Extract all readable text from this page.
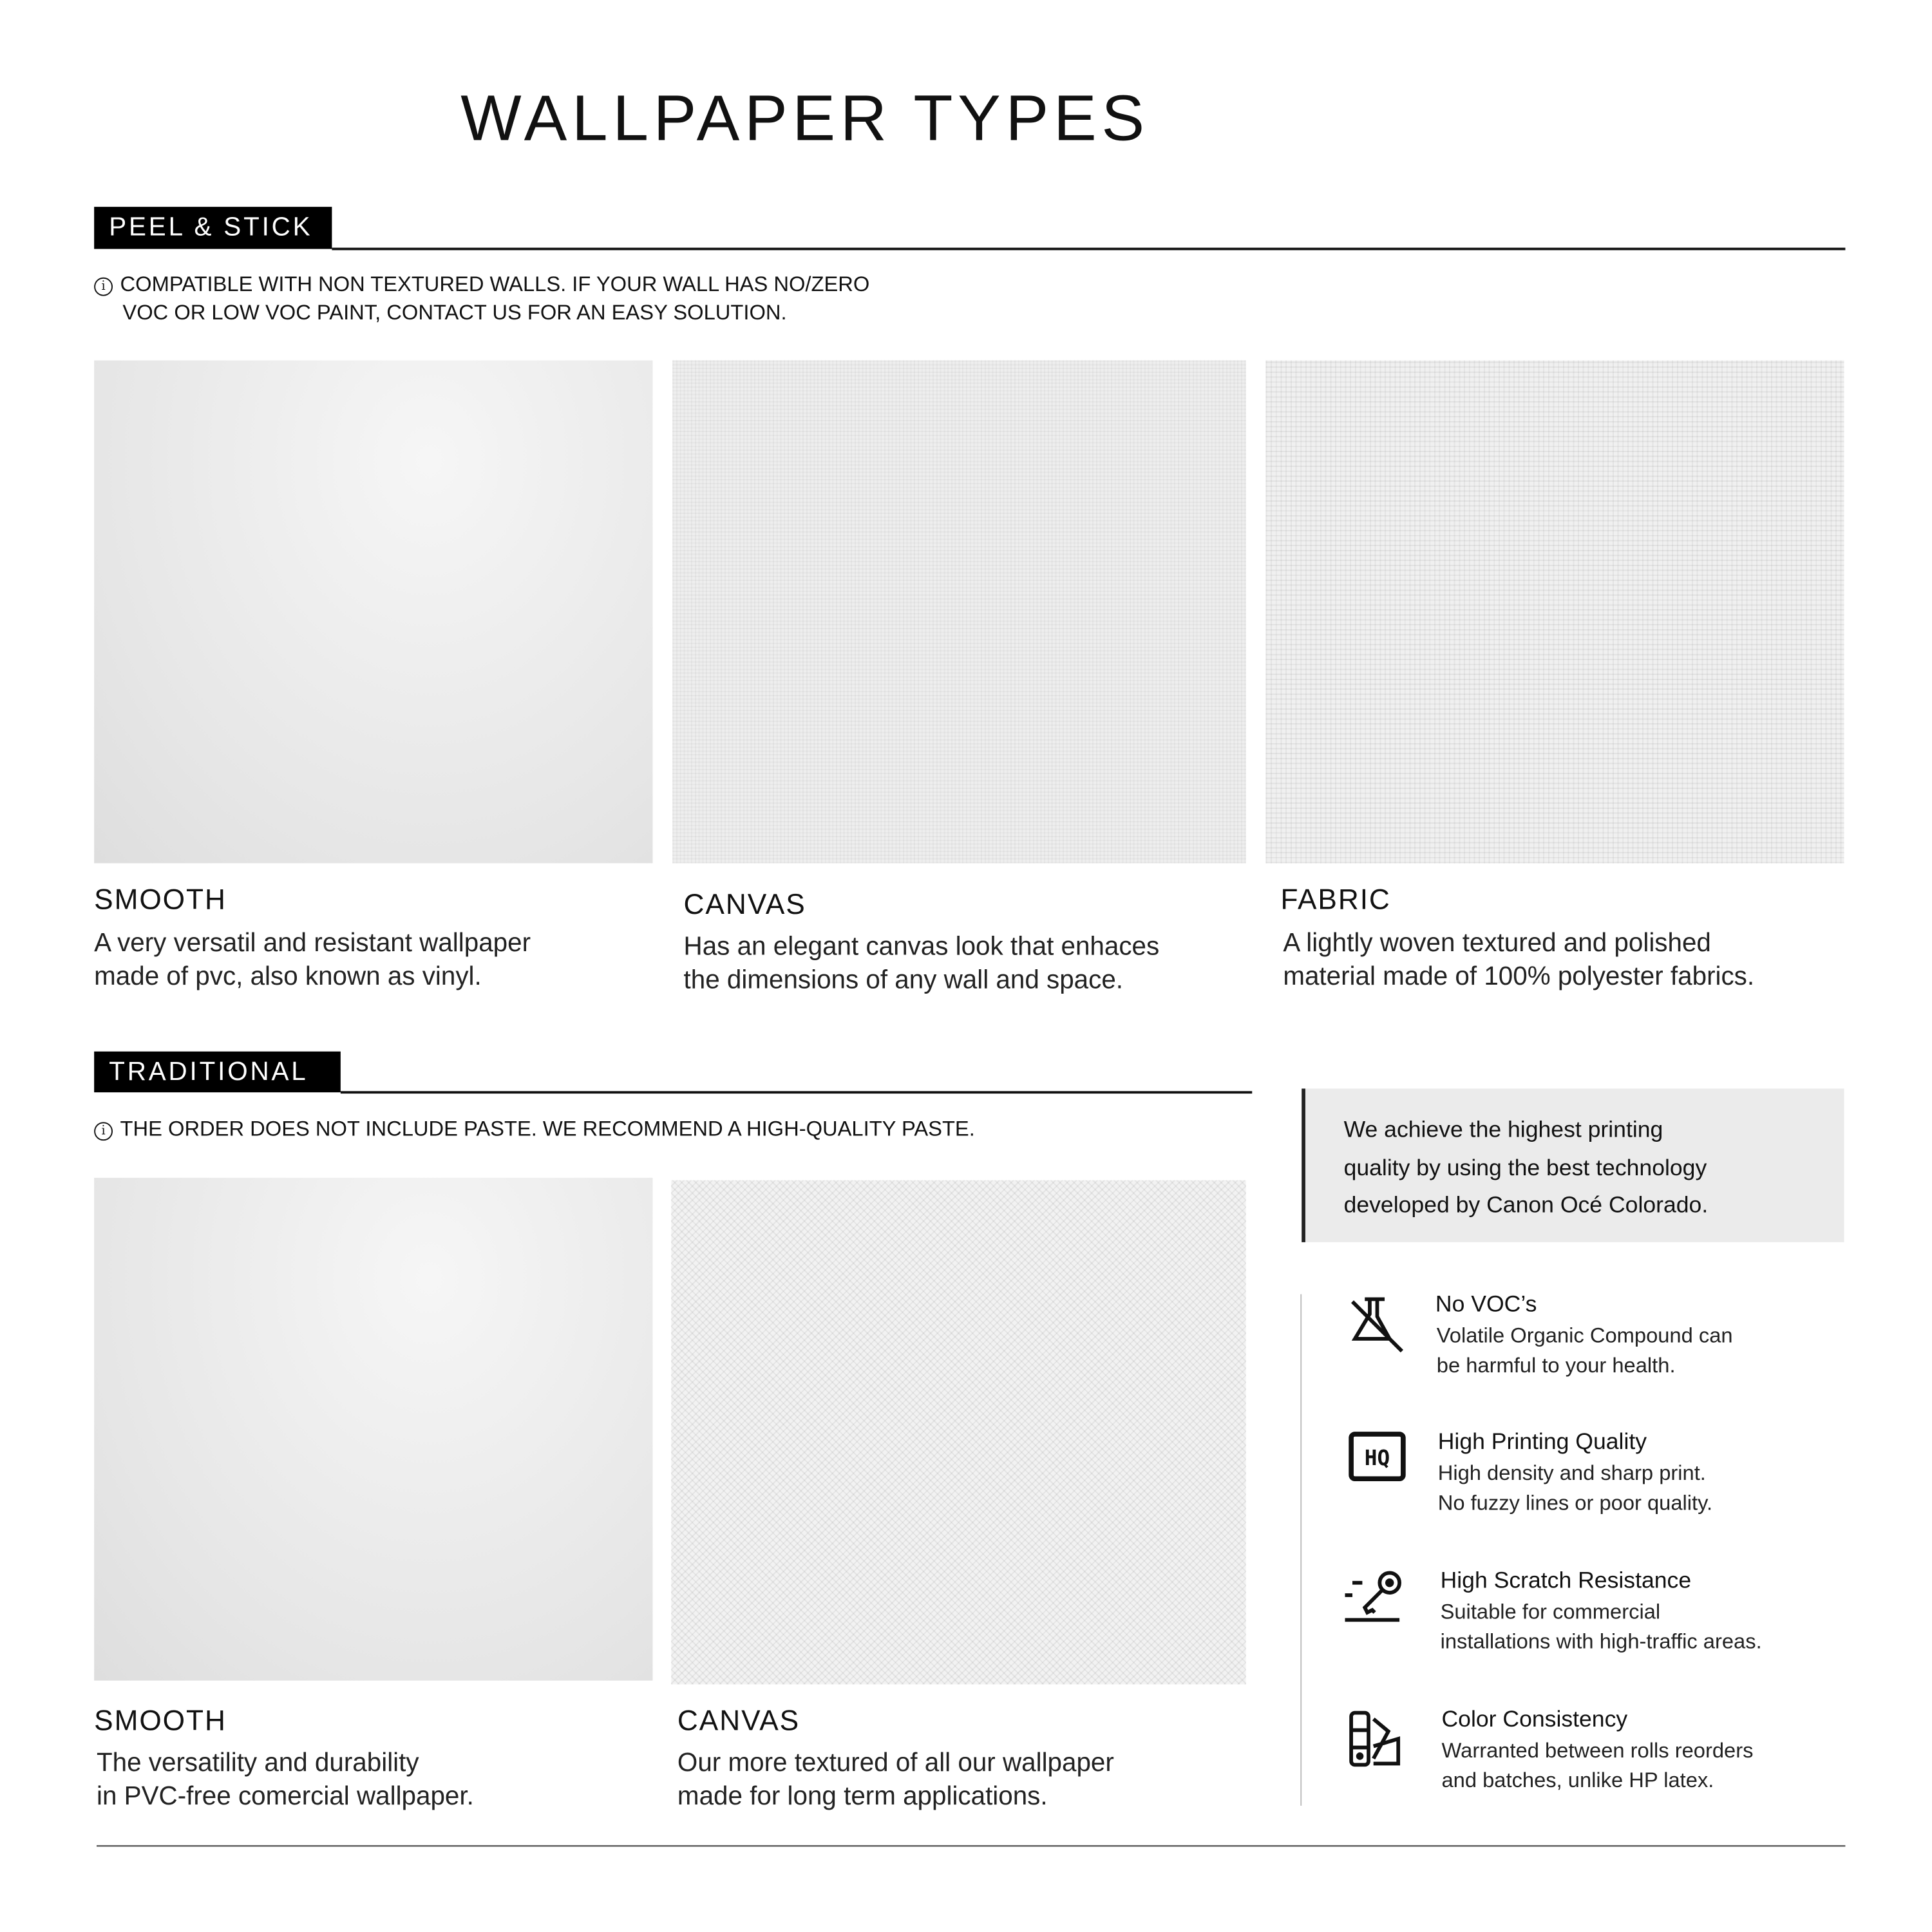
WALLPAPER TYPES
PEEL & STICK
i COMPATIBLE WITH NON TEXTURED WALLS. IF YOUR WALL HAS NO/ZERO
VOC OR LOW VOC PAINT, CONTACT US FOR AN EASY SOLUTION.
SMOOTH
A very versatil and resistant wallpaper
made of pvc, also known as vinyl.
CANVAS
Has an elegant canvas look that enhaces
the dimensions of any wall and space.
FABRIC
A lightly woven textured and polished
material made of 100% polyester fabrics.
TRADITIONAL
i THE ORDER DOES NOT INCLUDE PASTE. WE RECOMMEND A HIGH-QUALITY PASTE.
SMOOTH
The versatility and durability
in PVC-free comercial wallpaper.
CANVAS
Our more textured of all our wallpaper
made for long term applications.
We achieve the highest printing
quality by using the best technology
developed by Canon Océ Colorado.
No VOC’s
Volatile Organic Compound can
be harmful to your health.
HQ
High Printing Quality
High density and sharp print.
No fuzzy lines or poor quality.
High Scratch Resistance
Suitable for commercial
installations with high-traffic areas.
Color Consistency
Warranted between rolls reorders
and batches, unlike HP latex.
